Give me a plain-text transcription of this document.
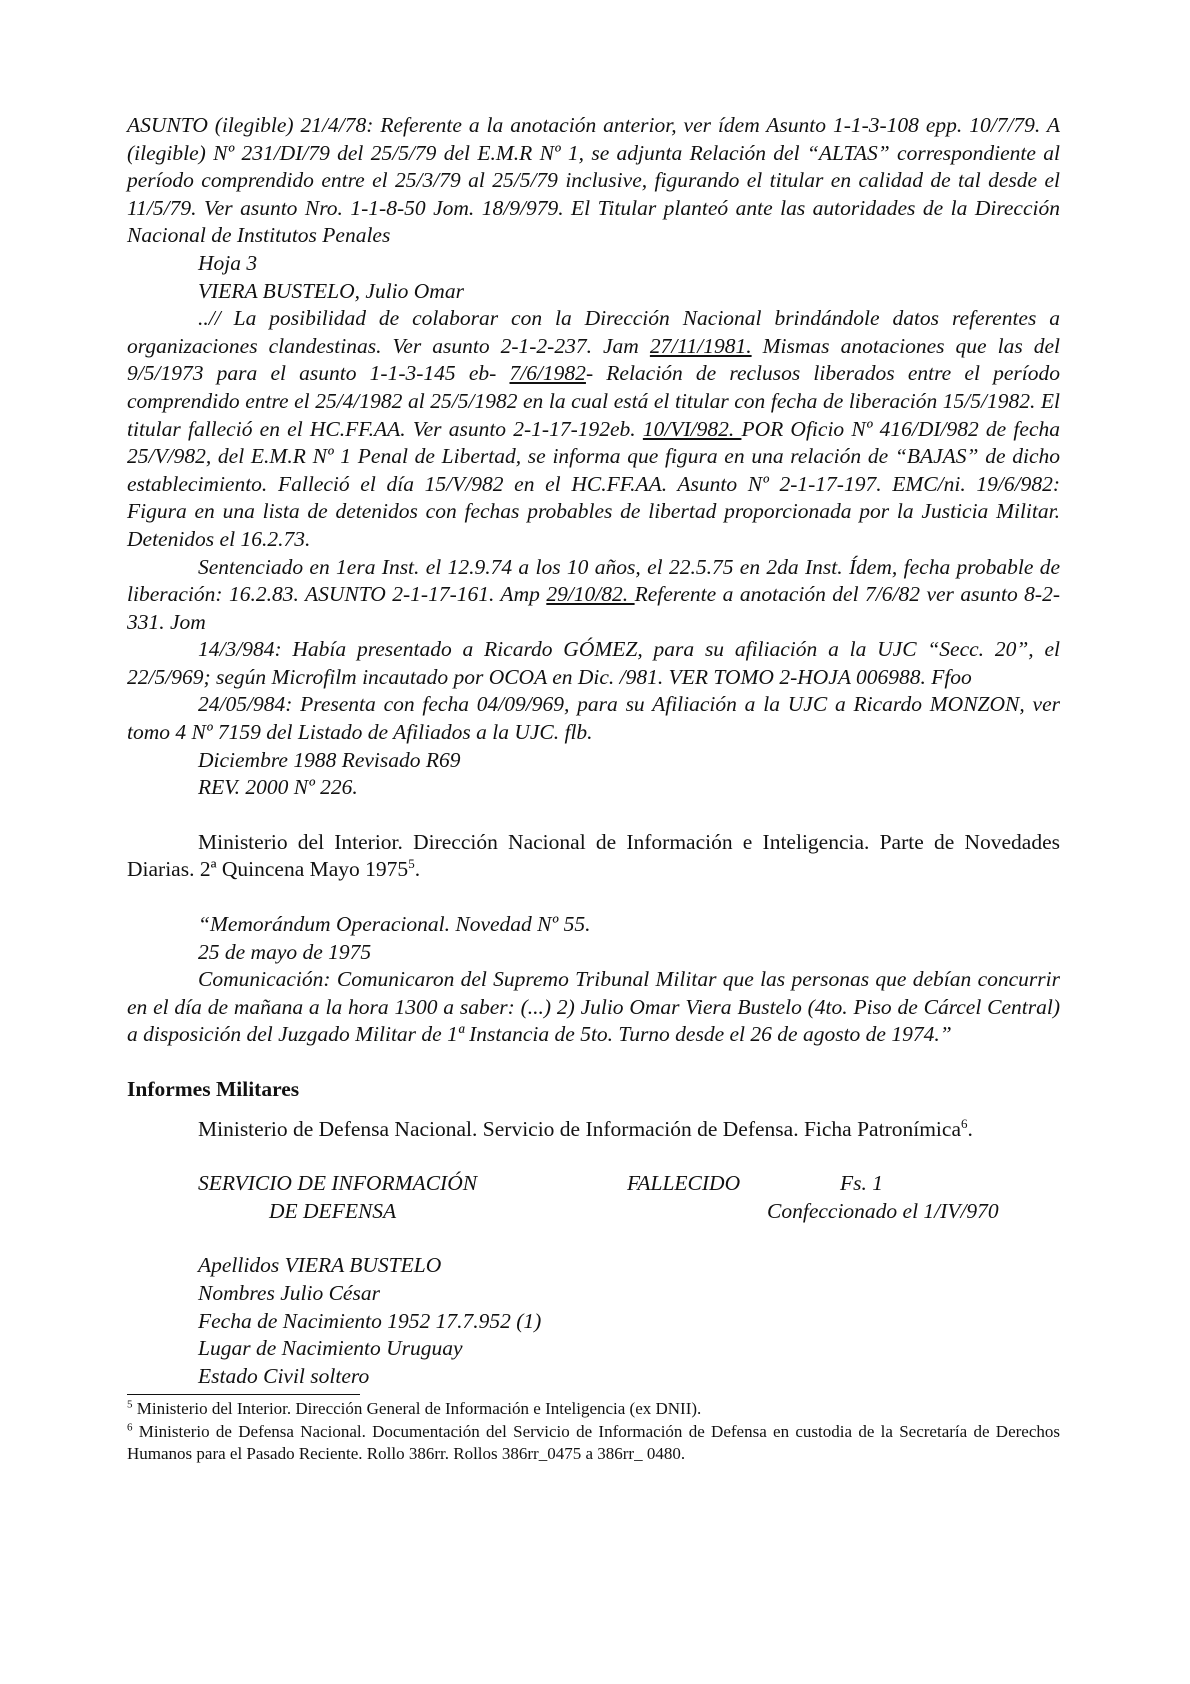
ASUNTO (ilegible) 21/4/78: Referente a la anotación anterior, ver ídem Asunto 1-1-3-108 epp. 10/7/79. A (ilegible) Nº 231/DI/79 del 25/5/79 del E.M.R Nº 1, se adjunta Relación del “ALTAS” correspondiente al período comprendido entre el 25/3/79 al 25/5/79 inclusive, figurando el titular en calidad de tal desde el 11/5/79. Ver asunto Nro. 1-1-8-50 Jom. 18/9/979. El Titular planteó ante las autoridades de la Dirección Nacional de Institutos Penales

Hoja 3

VIERA BUSTELO, Julio Omar

..// La posibilidad de colaborar con la Dirección Nacional brindándole datos referentes a organizaciones clandestinas. Ver asunto 2-1-2-237. Jam 27/11/1981. Mismas anotaciones que las del 9/5/1973 para el asunto 1-1-3-145 eb- 7/6/1982- Relación de reclusos liberados entre el período comprendido entre el 25/4/1982 al 25/5/1982 en la cual está el titular con fecha de liberación 15/5/1982. El titular falleció en el HC.FF.AA. Ver asunto 2-1-17-192eb. 10/VI/982. POR Oficio Nº 416/DI/982 de fecha 25/V/982, del E.M.R Nº 1 Penal de Libertad, se informa que figura en una relación de “BAJAS” de dicho establecimiento. Falleció el día 15/V/982 en el HC.FF.AA. Asunto Nº 2-1-17-197. EMC/ni. 19/6/982: Figura en una lista de detenidos con fechas probables de libertad proporcionada por la Justicia Militar. Detenidos el 16.2.73.

Sentenciado en 1era Inst. el 12.9.74 a los 10 años, el 22.5.75 en 2da Inst. Ídem, fecha probable de liberación: 16.2.83. ASUNTO 2-1-17-161. Amp 29/10/82. Referente a anotación del 7/6/82 ver asunto 8-2-331. Jom

14/3/984: Había presentado a Ricardo GÓMEZ, para su afiliación a la UJC “Secc. 20”, el 22/5/969; según Microfilm incautado por OCOA en Dic. /981. VER TOMO 2-HOJA 006988. Ffoo

24/05/984: Presenta con fecha 04/09/969, para su Afiliación a la UJC a Ricardo MONZON, ver tomo 4 Nº 7159 del Listado de Afiliados a la UJC. flb.

Diciembre 1988 Revisado R69

REV. 2000 Nº 226.

Ministerio del Interior. Dirección Nacional de Información e Inteligencia. Parte de Novedades Diarias. 2ª Quincena Mayo 1975$^5$.

“Memorándum Operacional. Novedad Nº 55.

25 de mayo de 1975

Comunicación: Comunicaron del Supremo Tribunal Militar que las personas que debían concurrir en el día de mañana a la hora 1300 a saber: (...) 2) Julio Omar Viera Bustelo (4to. Piso de Cárcel Central) a disposición del Juzgado Militar de 1ª Instancia de 5to. Turno desde el 26 de agosto de 1974.”

Informes Militares

Ministerio de Defensa Nacional. Servicio de Información de Defensa. Ficha Patronímica$^6$.

SERVICIO DE INFORMACIÓN	FALLECIDO	Fs. 1
DE DEFENSA	Confeccionado el 1/IV/970

Apellidos VIERA BUSTELO

Nombres Julio César

Fecha de Nacimiento 1952 17.7.952 (1)

Lugar de Nacimiento Uruguay

Estado Civil soltero

$^5$ Ministerio del Interior. Dirección General de Información e Inteligencia (ex DNII).

$^6$ Ministerio de Defensa Nacional. Documentación del Servicio de Información de Defensa en custodia de la Secretaría de Derechos Humanos para el Pasado Reciente. Rollo 386rr. Rollos 386rr_0475 a 386rr_ 0480.
